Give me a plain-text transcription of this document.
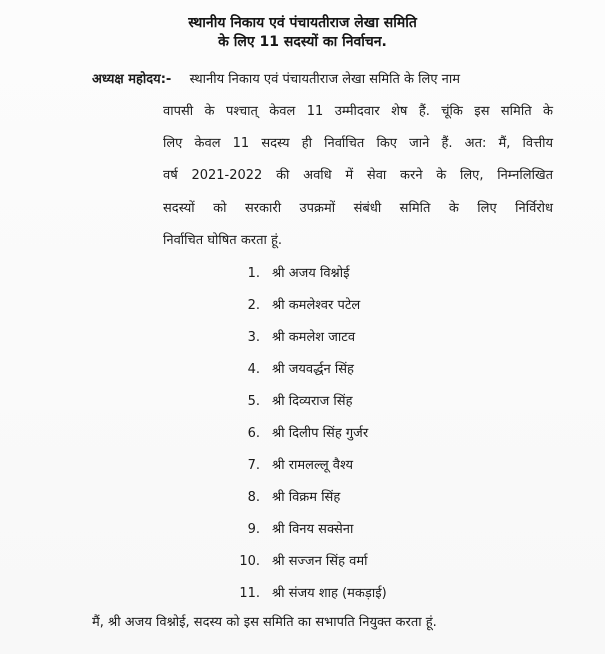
स्थानीय निकाय एवं पंचायतीराज लेखा समिति
के लिए 11 सदस्यों का निर्वाचन.
अध्यक्ष महोदय:- स्थानीय निकाय एवं पंचायतीराज लेखा समिति के लिए नाम
वापसी के पश्चात् केवल 11 उम्मीदवार शेष हैं. चूंकि इस समिति के
लिए केवल 11 सदस्य ही निर्वाचित किए जाने हैं. अत: मैं, वित्तीय
वर्ष 2021-2022 की अवधि में सेवा करने के लिए, निम्नलिखित
सदस्यों को सरकारी उपक्रमों संबंधी समिति के लिए निर्विरोध
निर्वाचित घोषित करता हूं.
1. श्री अजय विश्नोई
2. श्री कमलेश्वर पटेल
3. श्री कमलेश जाटव
4. श्री जयवर्द्धन सिंह
5. श्री दिव्यराज सिंह
6. श्री दिलीप सिंह गुर्जर
7. श्री रामलल्लू वैश्य
8. श्री विक्रम सिंह
9. श्री विनय सक्सेना
10. श्री सज्जन सिंह वर्मा
11. श्री संजय शाह (मकड़ाई)
मैं, श्री अजय विश्नोई, सदस्य को इस समिति का सभापति नियुक्त करता हूं.
